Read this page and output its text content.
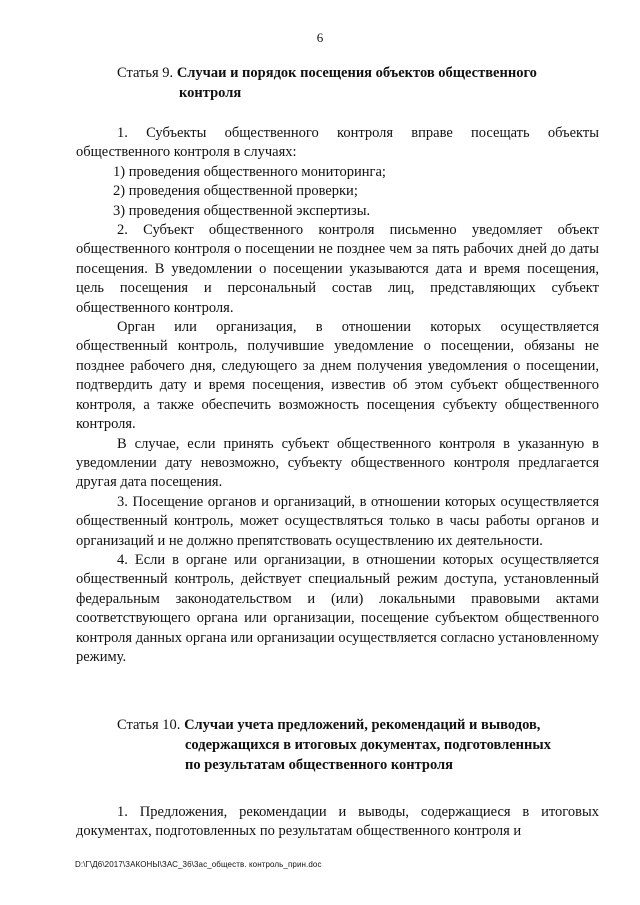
6
Статья 9. Случаи и порядок посещения объектов общественного
контроля

1. Субъекты общественного контроля вправе посещать объекты общественного контроля в случаях:

1) проведения общественного мониторинга;

2) проведения общественной проверки;

3) проведения общественной экспертизы.

2. Субъект общественного контроля письменно уведомляет объект общественного контроля о посещении не позднее чем за пять рабочих дней до даты посещения. В уведомлении о посещении указываются дата и время посещения, цель посещения и персональный состав лиц, представляющих субъект общественного контроля.

Орган или организация, в отношении которых осуществляется общественный контроль, получившие уведомление о посещении, обязаны не позднее рабочего дня, следующего за днем получения уведомления о посещении, подтвердить дату и время посещения, известив об этом субъект общественного контроля, а также обеспечить возможность посещения субъекту общественного контроля.

В случае, если принять субъект общественного контроля в указанную в уведомлении дату невозможно, субъекту общественного контроля предлагается другая дата посещения.

3. Посещение органов и организаций, в отношении которых осуществляется общественный контроль, может осуществляться только в часы работы органов и организаций и не должно препятствовать осуществлению их деятельности.

4. Если в органе или организации, в отношении которых осуществляется общественный контроль, действует специальный режим доступа, установленный федеральным законодательством и (или) локальными правовыми актами соответствующего органа или организации, посещение субъектом общественного контроля данных органа или организации осуществляется согласно установленному режиму.

Статья 10. Случаи учета предложений, рекомендаций и выводов,
содержащихся в итоговых документах, подготовленных
по результатам общественного контроля

1. Предложения, рекомендации и выводы, содержащиеся в итоговых документах, подготовленных по результатам общественного контроля и

D:\Г\Д6\2017\ЗАКОНЫ\ЗАС_36\3ас_обществ. контроль_прин.doc
